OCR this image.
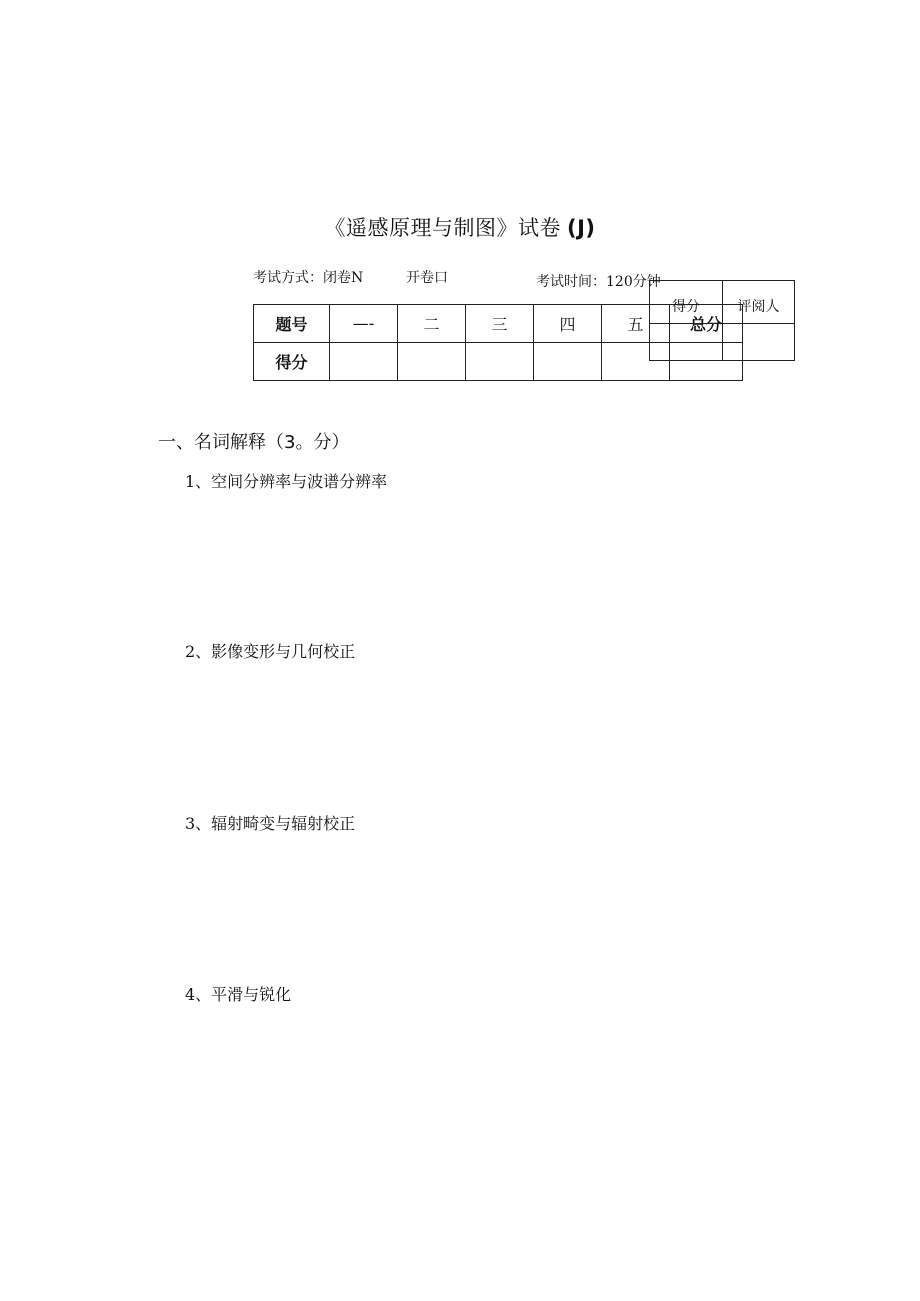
《遥感原理与制图》试卷 (J)
考试方式：闭卷N	开卷口	考试时间：120分钟
题号	—-	二	三	四	五	总分
得分						
得分	评阅人

一、名词解释（3。分）
1、空间分辨率与波谱分辨率
2、影像变形与几何校正
3、辐射畸变与辐射校正
4、平滑与锐化
